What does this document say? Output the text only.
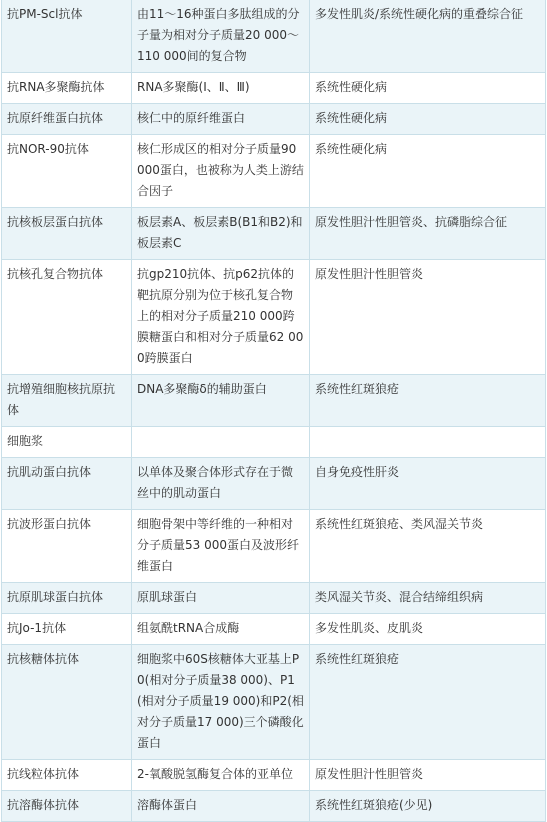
抗PM-Scl抗体	由11～16种蛋白多肽组成的分子量为相对分子质量20 000～110 000间的复合物	多发性肌炎/系统性硬化病的重叠综合征
抗RNA多聚酶抗体	RNA多聚酶(Ⅰ、Ⅱ、Ⅲ)	系统性硬化病
抗原纤维蛋白抗体	核仁中的原纤维蛋白	系统性硬化病
抗NOR-90抗体	核仁形成区的相对分子质量90 000蛋白，也被称为人类上游结合因子	系统性硬化病
抗核板层蛋白抗体	板层素A、板层素B(B1和B2)和板层素C	原发性胆汁性胆管炎、抗磷脂综合征
抗核孔复合物抗体	抗gp210抗体、抗p62抗体的靶抗原分别为位于核孔复合物上的相对分子质量210 000跨膜糖蛋白和相对分子质量62 000跨膜蛋白	原发性胆汁性胆管炎
抗增殖细胞核抗原抗体	DNA多聚酶δ的辅助蛋白	系统性红斑狼疮
细胞浆		
抗肌动蛋白抗体	以单体及聚合体形式存在于微丝中的肌动蛋白	自身免疫性肝炎
抗波形蛋白抗体	细胞骨架中等纤维的一种相对分子质量53 000蛋白及波形纤维蛋白	系统性红斑狼疮、类风湿关节炎
抗原肌球蛋白抗体	原肌球蛋白	类风湿关节炎、混合结缔组织病
抗Jo-1抗体	组氨酰tRNA合成酶	多发性肌炎、皮肌炎
抗核糖体抗体	细胞浆中60S核糖体大亚基上P0(相对分子质量38 000)、P1(相对分子质量19 000)和P2(相对分子质量17 000)三个磷酸化蛋白	系统性红斑狼疮
抗线粒体抗体	2-氧酸脱氢酶复合体的亚单位	原发性胆汁性胆管炎
抗溶酶体抗体	溶酶体蛋白	系统性红斑狼疮(少见)
